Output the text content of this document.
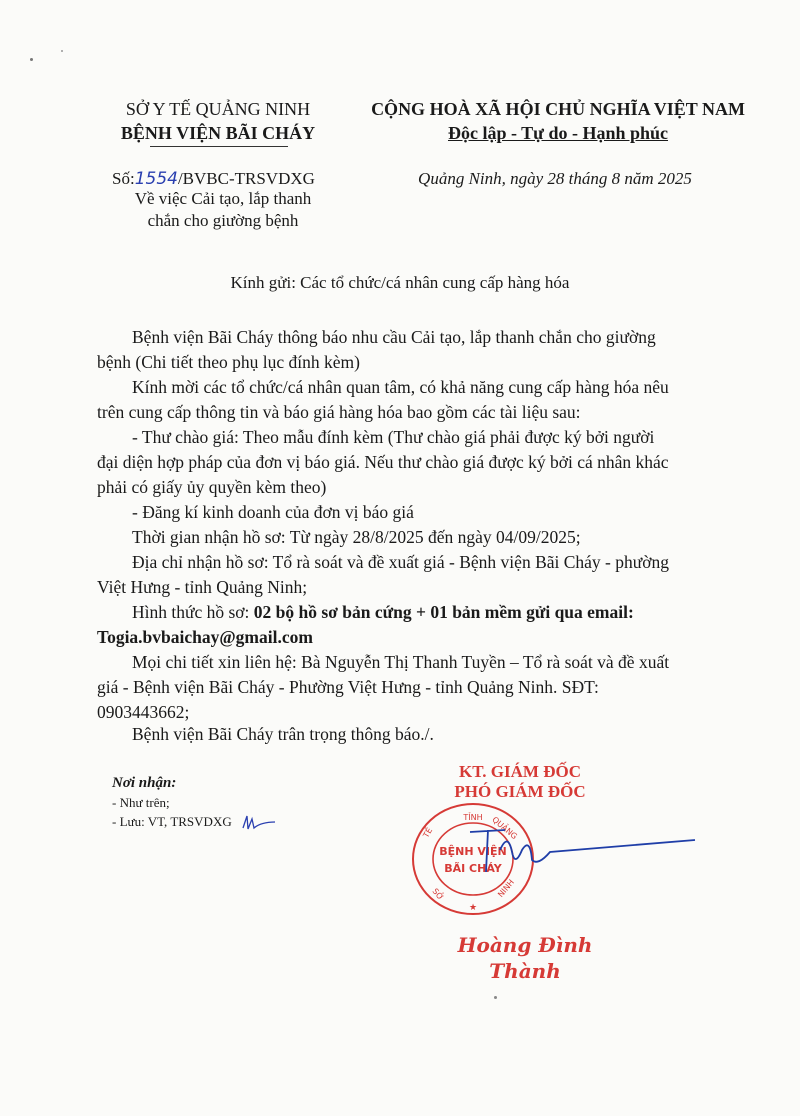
SỞ Y TẾ QUẢNG NINH
BỆNH VIỆN BÃI CHÁY
CỘNG HOÀ XÃ HỘI CHỦ NGHĨA VIỆT NAM
Độc lập - Tự do - Hạnh phúc
Số:1554/BVBC-TRSVDXG
Về việc Cải tạo, lắp thanh
chắn cho giường bệnh
Quảng Ninh, ngày 28 tháng 8 năm 2025
Kính gửi: Các tổ chức/cá nhân cung cấp hàng hóa
Bệnh viện Bãi Cháy thông báo nhu cầu Cải tạo, lắp thanh chắn cho giường
bệnh (Chi tiết theo phụ lục đính kèm)
Kính mời các tổ chức/cá nhân quan tâm, có khả năng cung cấp hàng hóa nêu
trên cung cấp thông tin và báo giá hàng hóa bao gồm các tài liệu sau:
- Thư chào giá: Theo mẫu đính kèm (Thư chào giá phải được ký bởi người
đại diện hợp pháp của đơn vị báo giá. Nếu thư chào giá được ký bởi cá nhân khác
phải có giấy ủy quyền kèm theo)
- Đăng kí kinh doanh của đơn vị báo giá
Thời gian nhận hồ sơ: Từ ngày 28/8/2025 đến ngày 04/09/2025;
Địa chỉ nhận hồ sơ: Tổ rà soát và đề xuất giá - Bệnh viện Bãi Cháy - phường
Việt Hưng - tỉnh Quảng Ninh;
Hình thức hồ sơ: 02 bộ hồ sơ bản cứng + 01 bản mềm gửi qua email:
Togia.bvbaichay@gmail.com
Mọi chi tiết xin liên hệ: Bà Nguyễn Thị Thanh Tuyền – Tổ rà soát và đề xuất
giá - Bệnh viện Bãi Cháy - Phường Việt Hưng - tỉnh Quảng Ninh. SĐT:
0903443662;
Bệnh viện Bãi Cháy trân trọng thông báo./.
Nơi nhận:
- Như trên;
- Lưu: VT, TRSVDXG
KT. GIÁM ĐỐC
PHÓ GIÁM ĐỐC
TỈNH QUẢNG
TẾ
NINH
SỞ
★
BỆNH VIỆN
BÃI CHÁY
Hoàng Đình Thành
